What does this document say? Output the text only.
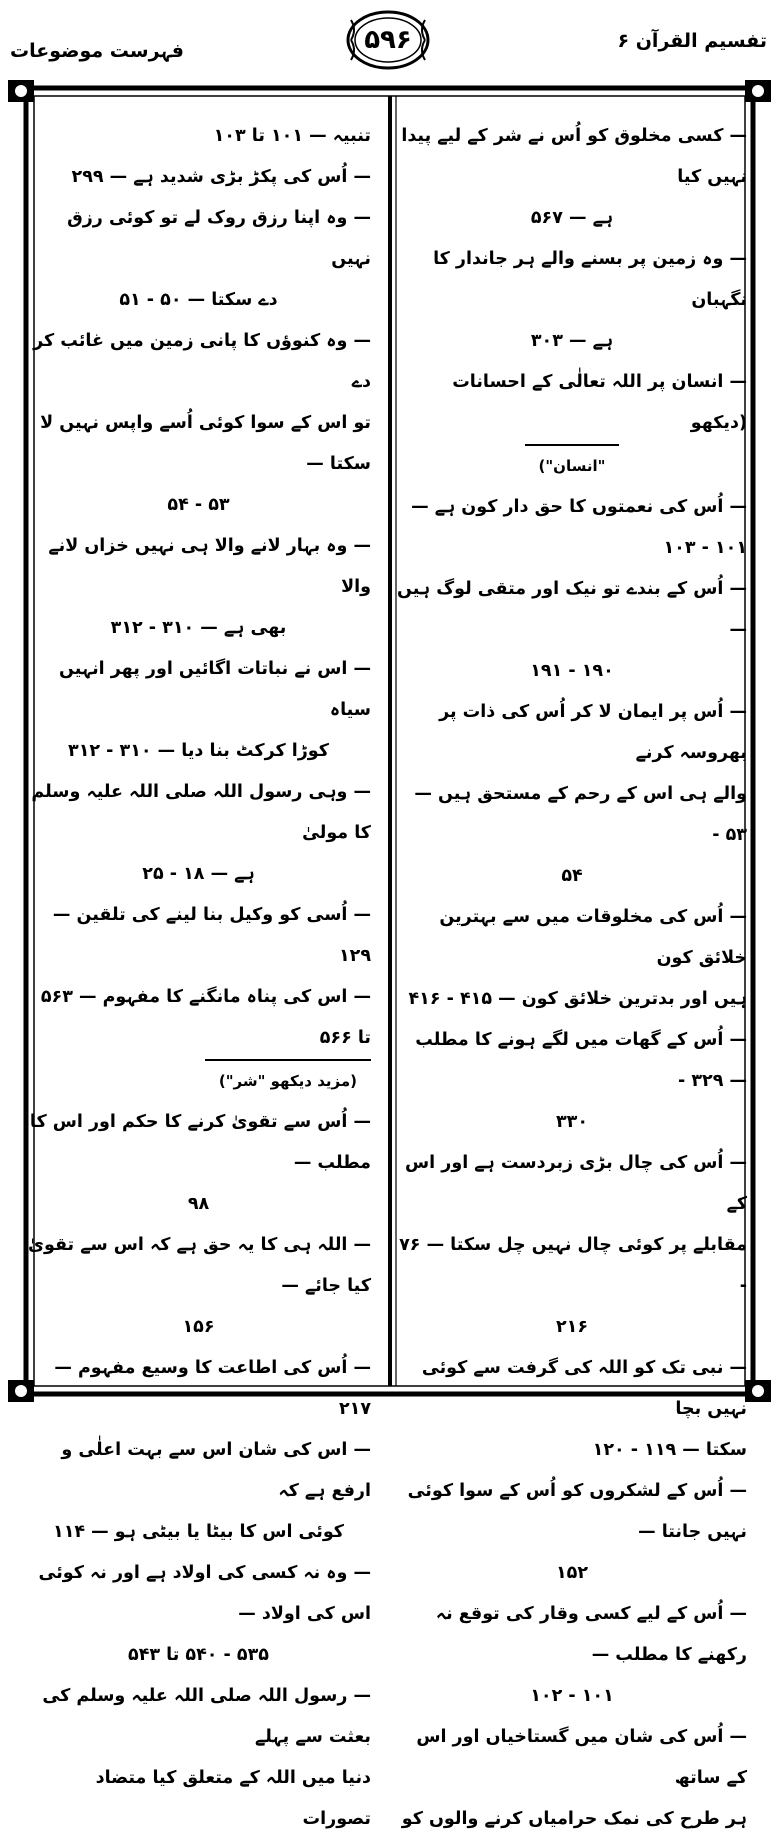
تفسیم القرآن ۶
۵۹۶
فہرست موضوعات
— کسی مخلوق کو اُس نے شر کے لیے پیدا نہیں کیا
ہے — ۵۶۷
— وہ زمین پر بسنے والے ہر جاندار کا نگہبان
ہے — ۳۰۳
— انسان پر اللہ تعالٰی کے احسانات (دیکھو
"انسان")
— اُس کی نعمتوں کا حق دار کون ہے — ۱۰۱ - ۱۰۳
— اُس کے بندے تو نیک اور متقی لوگ ہیں —
۱۹۰ - ۱۹۱
— اُس پر ایمان لا کر اُس کی ذات پر بھروسہ کرنے
والے ہی اس کے رحم کے مستحق ہیں — ۵۳ -
۵۴
— اُس کی مخلوقات میں سے بہترین خلائق کون
ہیں اور بدترین خلائق کون — ۴۱۵ - ۴۱۶
— اُس کے گھات میں لگے ہونے کا مطلب — ۳۲۹ -
۳۳۰
— اُس کی چال بڑی زبردست ہے اور اس کے
مقابلے پر کوئی چال نہیں چل سکتا — ۷۶ -
۲۱۶
— نبی تک کو اللہ کی گرفت سے کوئی نہیں بچا
سکتا — ۱۱۹ - ۱۲۰
— اُس کے لشکروں کو اُس کے سوا کوئی نہیں جانتا —
۱۵۲
— اُس کے لیے کسی وقار کی توقع نہ رکھنے کا مطلب —
۱۰۱ - ۱۰۲
— اُس کی شان میں گستاخیاں اور اس کے ساتھ
ہر طرح کی نمک حرامیاں کرنے والوں کو
تنبیہ — ۱۰۱ تا ۱۰۳
— اُس کی پکڑ بڑی شدید ہے — ۲۹۹
— وہ اپنا رزق روک لے تو کوئی رزق نہیں
دے سکتا — ۵۰ - ۵۱
— وہ کنوؤں کا پانی زمین میں غائب کر دے
تو اس کے سوا کوئی اُسے واپس نہیں لا سکتا —
۵۳ - ۵۴
— وہ بہار لانے والا ہی نہیں خزاں لانے والا
بھی ہے — ۳۱۰ - ۳۱۲
— اس نے نباتات اگائیں اور پھر انہیں سیاہ
کوڑا کرکٹ بنا دیا — ۳۱۰ - ۳۱۲
— وہی رسول اللہ صلی اللہ علیہ وسلم کا مولیٰ
ہے — ۱۸ - ۲۵
— اُسی کو وکیل بنا لینے کی تلقین — ۱۲۹
— اس کی پناہ مانگنے کا مفہوم — ۵۶۳ تا ۵۶۶
(مزید دیکھو "شر")
— اُس سے تقویٰ کرنے کا حکم اور اس کا مطلب —
۹۸
— اللہ ہی کا یہ حق ہے کہ اس سے تقویٰ کیا جائے —
۱۵۶
— اُس کی اطاعت کا وسیع مفہوم — ۲۱۷
— اس کی شان اس سے بہت اعلٰی و ارفع ہے کہ
کوئی اس کا بیٹا یا بیٹی ہو — ۱۱۴
— وہ نہ کسی کی اولاد ہے اور نہ کوئی اس کی اولاد —
۵۳۵ - ۵۴۰ تا ۵۴۳
— رسول اللہ صلی اللہ علیہ وسلم کی بعثت سے پہلے
دنیا میں اللہ کے متعلق کیا متضاد تصورات
